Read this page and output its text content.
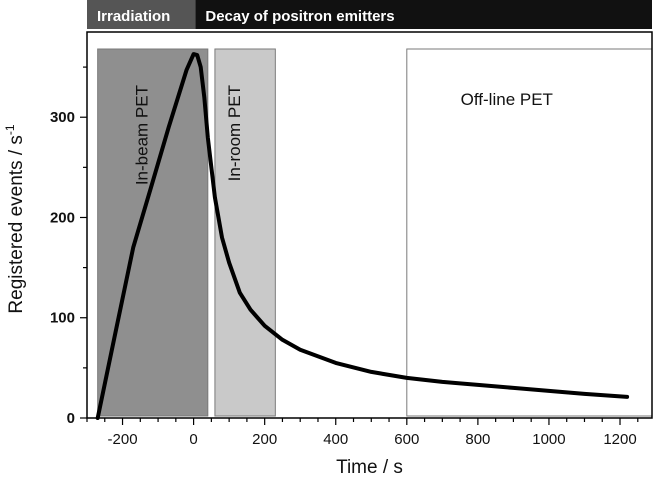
Irradiation Decay of positron emitters
In-beam PET	In-room PET	Off-line PET
-200	0	200	400	600	800	1000	1200
0
100
200
300
Time / s
Registered events / $s^{-1}$
